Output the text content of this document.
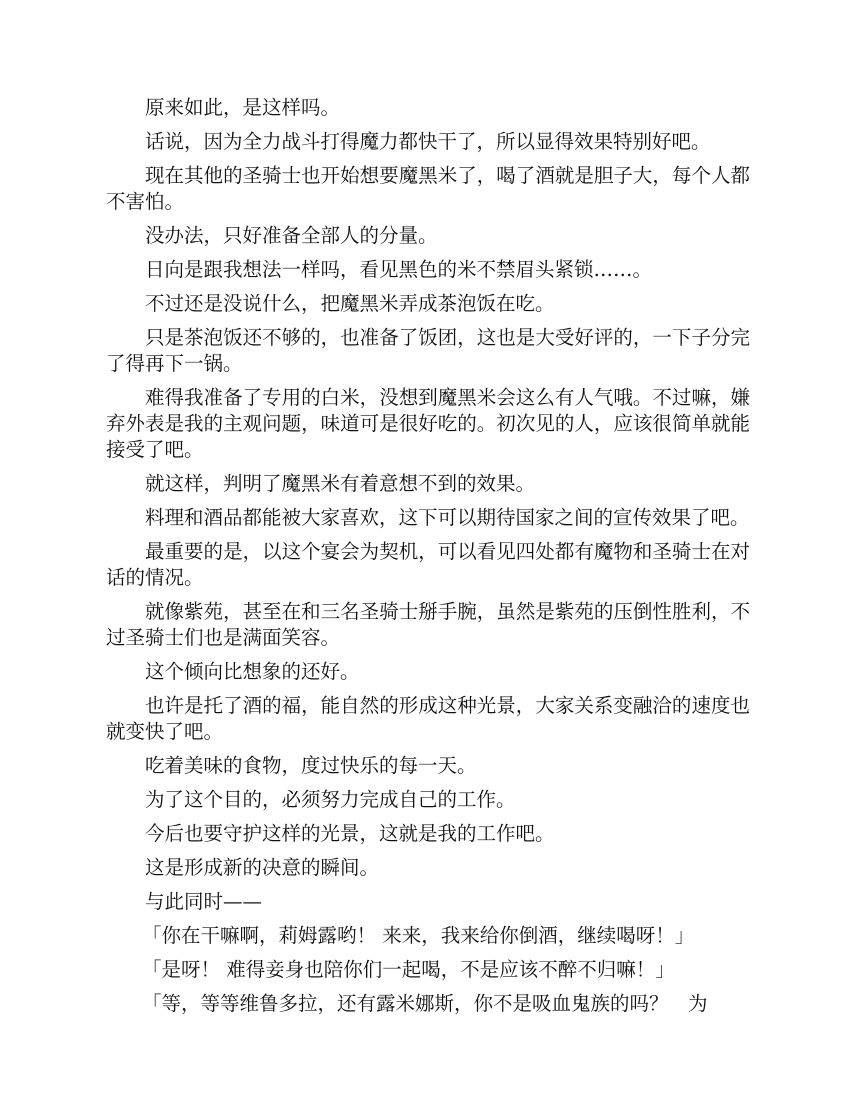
原来如此，是这样吗。

话说，因为全力战斗打得魔力都快干了，所以显得效果特别好吧。

现在其他的圣骑士也开始想要魔黑米了，喝了酒就是胆子大，每个人都不害怕。

没办法，只好准备全部人的分量。

日向是跟我想法一样吗，看见黑色的米不禁眉头紧锁……。

不过还是没说什么，把魔黑米弄成茶泡饭在吃。

只是茶泡饭还不够的，也准备了饭团，这也是大受好评的，一下子分完了得再下一锅。

难得我准备了专用的白米，没想到魔黑米会这么有人气哦。不过嘛，嫌弃外表是我的主观问题，味道可是很好吃的。初次见的人，应该很简单就能接受了吧。

就这样，判明了魔黑米有着意想不到的效果。

料理和酒品都能被大家喜欢，这下可以期待国家之间的宣传效果了吧。

最重要的是，以这个宴会为契机，可以看见四处都有魔物和圣骑士在对话的情况。

就像紫苑，甚至在和三名圣骑士掰手腕，虽然是紫苑的压倒性胜利，不过圣骑士们也是满面笑容。

这个倾向比想象的还好。

也许是托了酒的福，能自然的形成这种光景，大家关系变融洽的速度也就变快了吧。

吃着美味的食物，度过快乐的每一天。

为了这个目的，必须努力完成自己的工作。

今后也要守护这样的光景，这就是我的工作吧。

这是形成新的决意的瞬间。

与此同时——

「你在干嘛啊，莉姆露哟！ 来来，我来给你倒酒，继续喝呀！」

「是呀！ 难得妾身也陪你们一起喝，不是应该不醉不归嘛！」

「等，等等维鲁多拉，还有露米娜斯，你不是吸血鬼族的吗？　为
